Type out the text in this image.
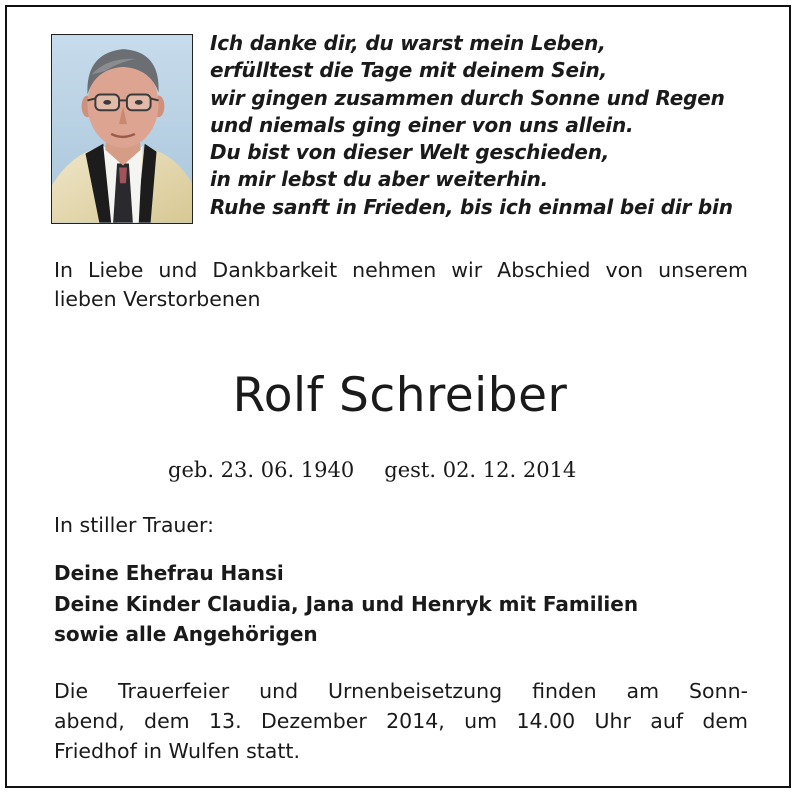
Ich danke dir, du warst mein Leben,
erfülltest die Tage mit deinem Sein,
wir gingen zusammen durch Sonne und Regen
und niemals ging einer von uns allein.
Du bist von dieser Welt geschieden,
in mir lebst du aber weiterhin.
Ruhe sanft in Frieden, bis ich einmal bei dir bin

In Liebe und Dankbarkeit nehmen wir Abschied von unserem lieben Verstorbenen

Rolf Schreiber
geb. 23. 06. 1940 gest. 02. 12. 2014

In stiller Trauer:

Deine Ehefrau Hansi
Deine Kinder Claudia, Jana und Henryk mit Familien
sowie alle Angehörigen

Die Trauerfeier und Urnenbeisetzung finden am Sonn-
abend, dem 13. Dezember 2014, um 14.00 Uhr auf dem
Friedhof in Wulfen statt.
